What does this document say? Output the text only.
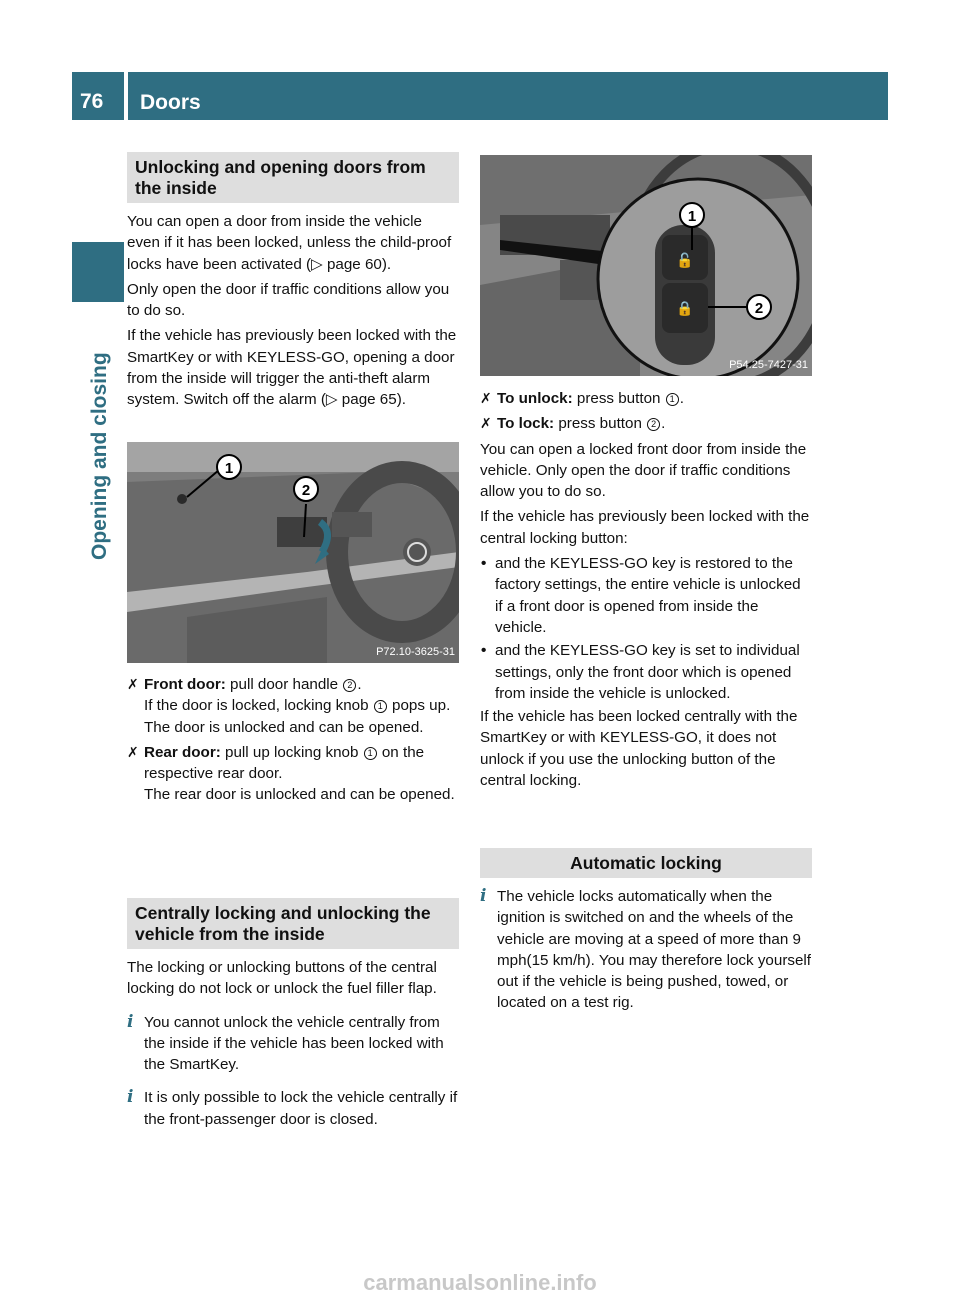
76	Doors
Opening and closing
Unlocking and opening doors from the inside

You can open a door from inside the vehicle even if it has been locked, unless the child-proof locks have been activated (▷ page 60).

Only open the door if traffic conditions allow you to do so.

If the vehicle has previously been locked with the SmartKey or with KEYLESS-GO, opening a door from the inside will trigger the anti-theft alarm system. Switch off the alarm (▷ page 65).

1
2
P72.10-3625-31
✗ Front door: pull door handle 2 .
If the door is locked, locking knob 1 pops up. The door is unlocked and can be opened.
✗ Rear door: pull up locking knob 1 on the respective rear door.
The rear door is unlocked and can be opened.
Centrally locking and unlocking the vehicle from the inside

The locking or unlocking buttons of the central locking do not lock or unlock the fuel filler flap.

i You cannot unlock the vehicle centrally from the inside if the vehicle has been locked with the SmartKey.
i It is only possible to lock the vehicle centrally if the front-passenger door is closed.
🔓
🔒
1
2
P54.25-7427-31
✗ To unlock: press button 1 .
✗ To lock: press button 2 .

You can open a locked front door from inside the vehicle. Only open the door if traffic conditions allow you to do so.

If the vehicle has previously been locked with the central locking button:

• and the KEYLESS-GO key is restored to the factory settings, the entire vehicle is unlocked if a front door is opened from inside the vehicle.
• and the KEYLESS-GO key is set to individual settings, only the front door which is opened from inside the vehicle is unlocked.

If the vehicle has been locked centrally with the SmartKey or with KEYLESS-GO, it does not unlock if you use the unlocking button of the central locking.

Automatic locking
i The vehicle locks automatically when the ignition is switched on and the wheels of the vehicle are moving at a speed of more than 9 mph(15 km/h). You may therefore lock yourself out if the vehicle is being pushed, towed, or located on a test rig.
carmanualsonline.info
